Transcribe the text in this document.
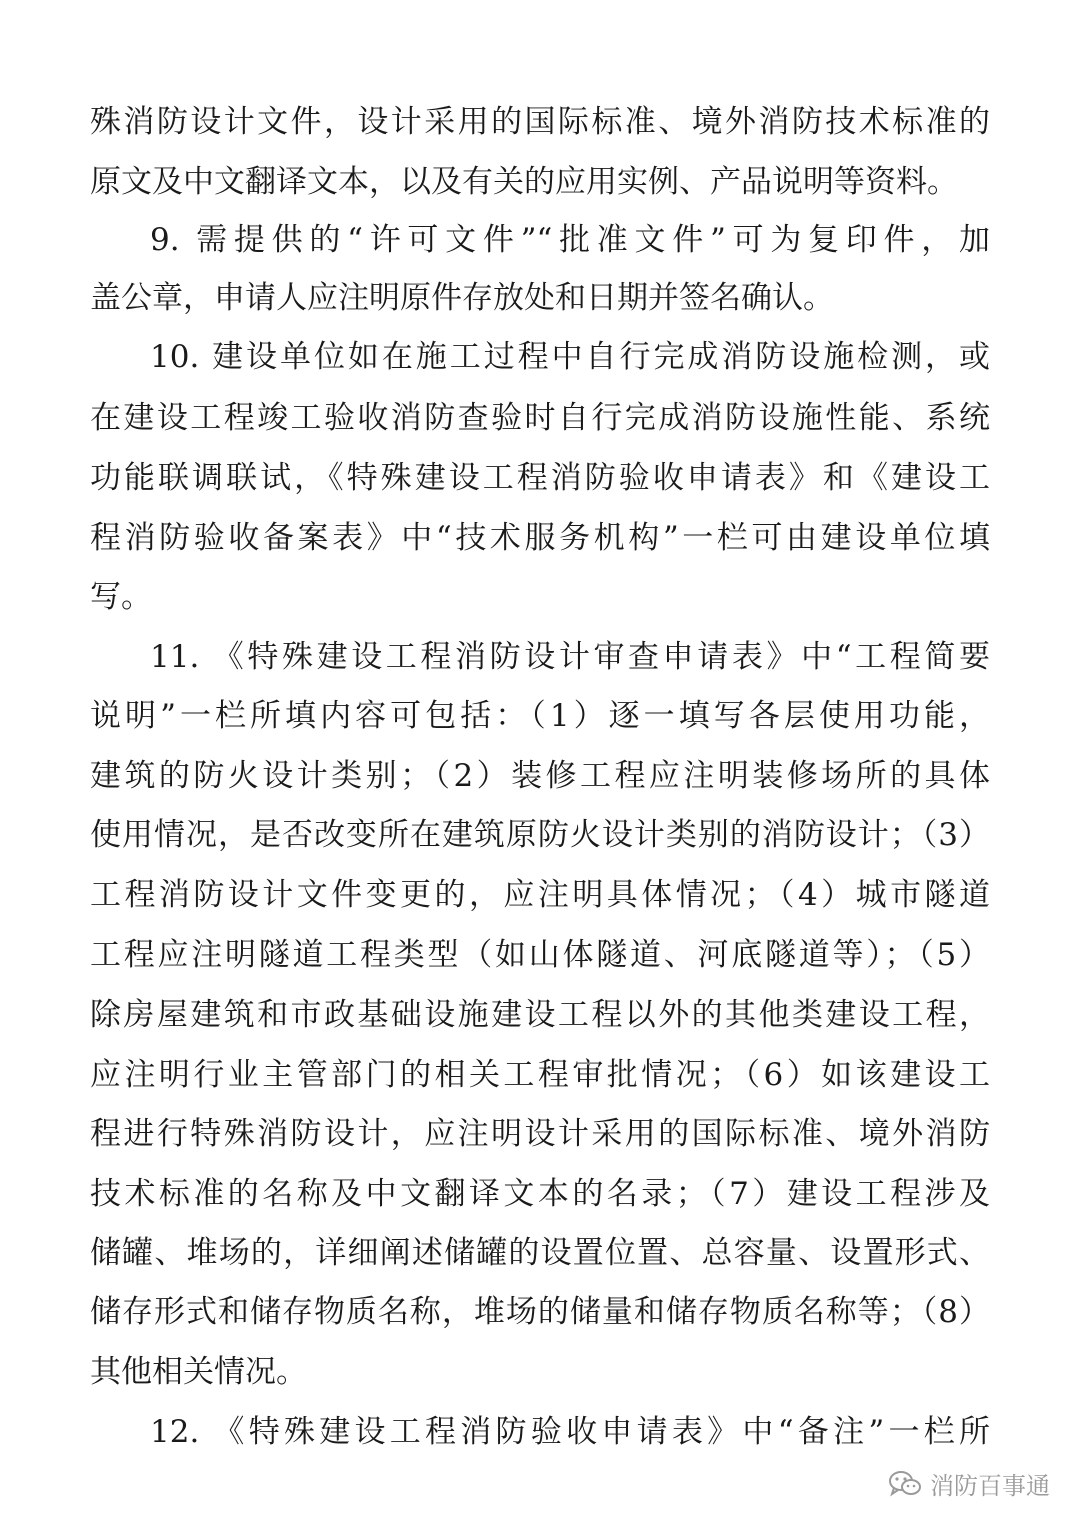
殊消防设计文件，设计采用的国际标准、境外消防技术标准的
原文及中文翻译文本，以及有关的应用实例、产品说明等资料。
9. 需提供的“许可文件”“批准文件”可为复印件，加
盖公章，申请人应注明原件存放处和日期并签名确认。
10. 建设单位如在施工过程中自行完成消防设施检测，或
在建设工程竣工验收消防查验时自行完成消防设施性能、系统
功能联调联试，《特殊建设工程消防验收申请表》和《建设工
程消防验收备案表》中“技术服务机构”一栏可由建设单位填
写。
11. 《特殊建设工程消防设计审查申请表》中“工程简要
说明”一栏所填内容可包括：（1）逐一填写各层使用功能，
建筑的防火设计类别；（2）装修工程应注明装修场所的具体
使用情况，是否改变所在建筑原防火设计类别的消防设计；（3）
工程消防设计文件变更的，应注明具体情况；（4）城市隧道
工程应注明隧道工程类型（如山体隧道、河底隧道等）；（5）
除房屋建筑和市政基础设施建设工程以外的其他类建设工程，
应注明行业主管部门的相关工程审批情况；（6）如该建设工
程进行特殊消防设计，应注明设计采用的国际标准、境外消防
技术标准的名称及中文翻译文本的名录；（7）建设工程涉及
储罐、堆场的，详细阐述储罐的设置位置、总容量、设置形式、
储存形式和储存物质名称，堆场的储量和储存物质名称等；（8）
其他相关情况。
12. 《特殊建设工程消防验收申请表》中“备注”一栏所
消防百事通
